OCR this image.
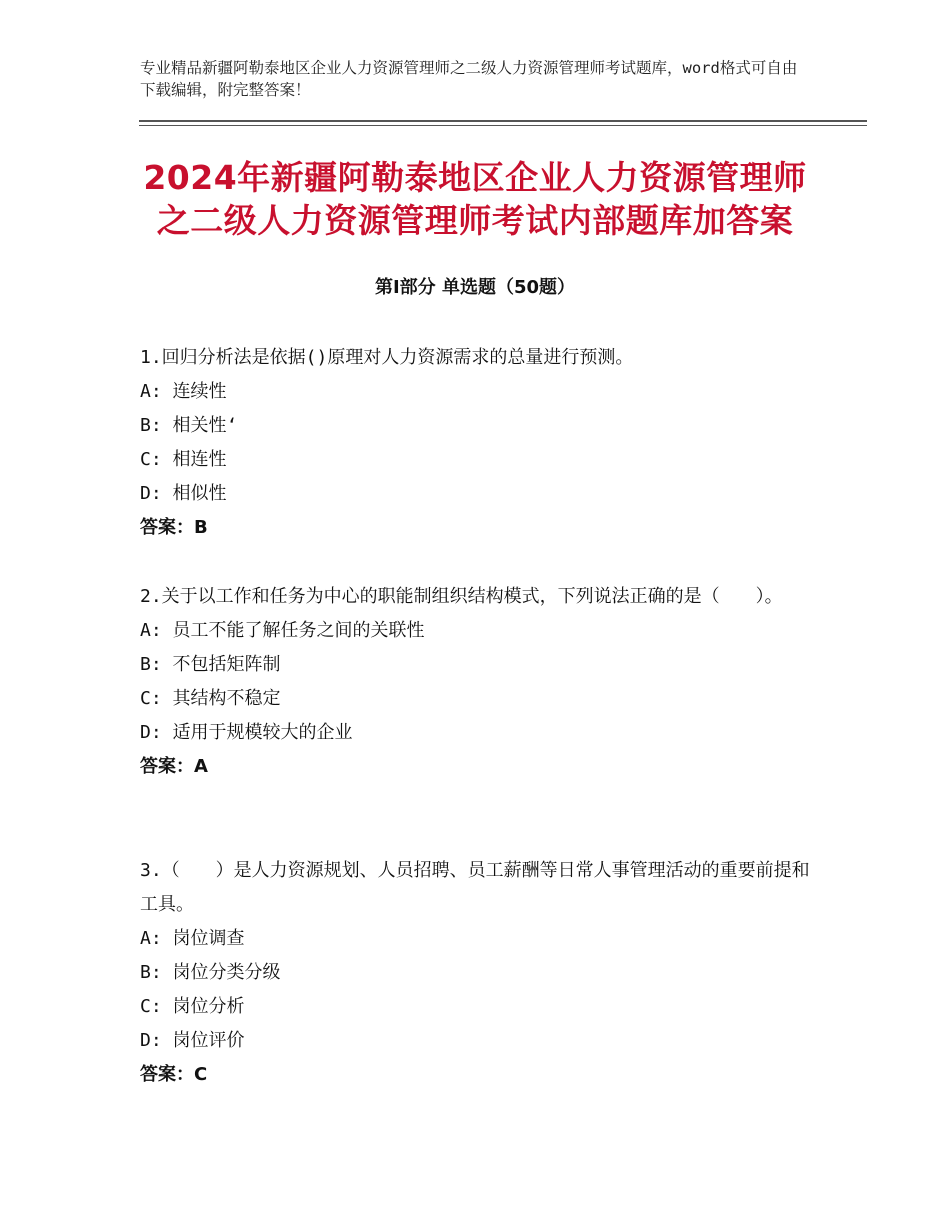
专业精品新疆阿勒泰地区企业人力资源管理师之二级人力资源管理师考试题库，word格式可自由下载编辑，附完整答案！
2024年新疆阿勒泰地区企业人力资源管理师之二级人力资源管理师考试内部题库加答案
第Ⅰ部分 单选题（50题）
1.回归分析法是依据()原理对人力资源需求的总量进行预测。
A: 连续性
B: 相关性‘
C: 相连性
D: 相似性
答案：B
2.关于以工作和任务为中心的职能制组织结构模式，下列说法正确的是（　　）。
A: 员工不能了解任务之间的关联性
B: 不包括矩阵制
C: 其结构不稳定
D: 适用于规模较大的企业
答案：A
3.（　　）是人力资源规划、人员招聘、员工薪酬等日常人事管理活动的重要前提和工具。
A: 岗位调查
B: 岗位分类分级
C: 岗位分析
D: 岗位评价
答案：C
